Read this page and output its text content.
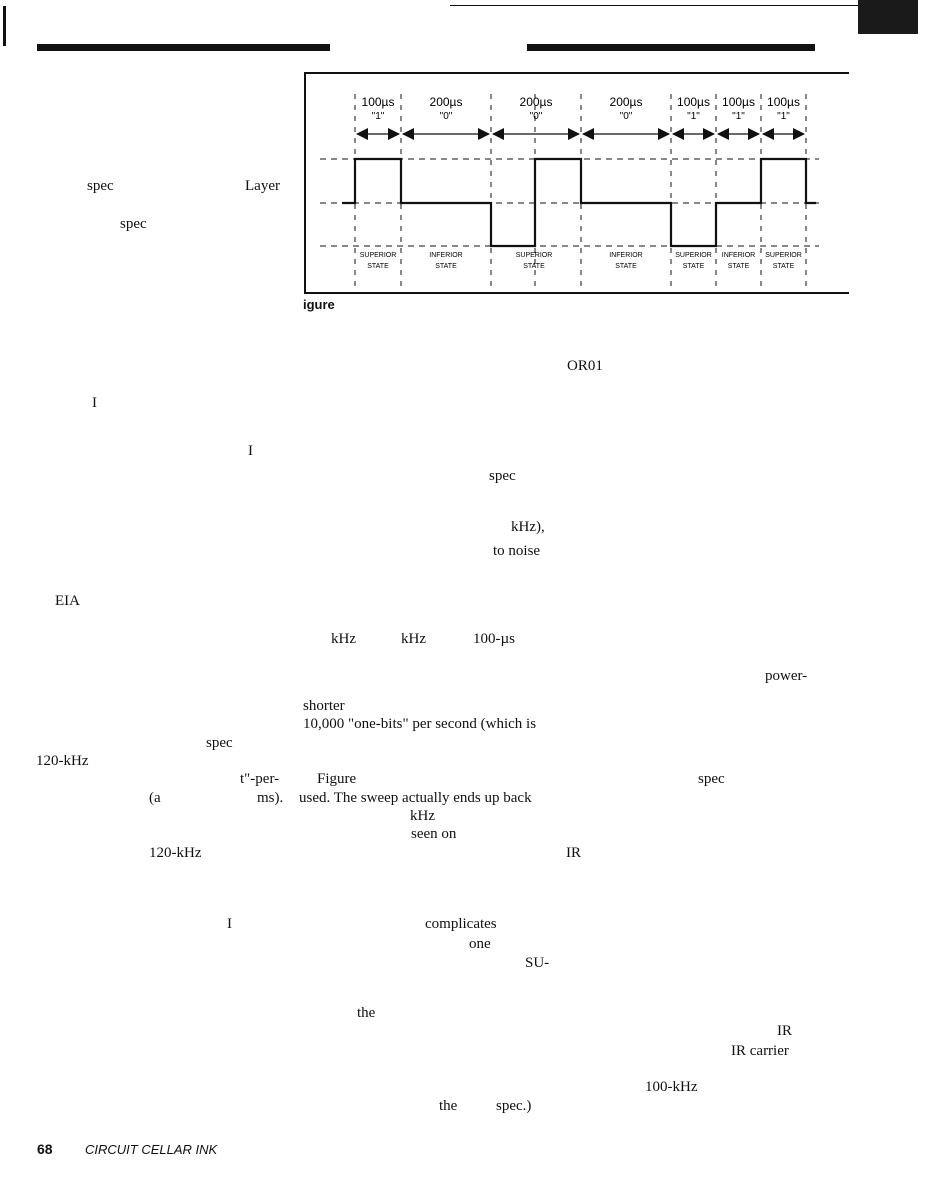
100µs
"1"
200µs
"0"
200µs
"0"
200µs
"0"
100µs
"1"
100µs
"1"
100µs
"1"
SUPERIOR
STATE
INFERIOR
STATE
SUPERIOR
STATE
INFERIOR
STATE
SUPERIOR
STATE
INFERIOR
STATE
SUPERIOR
STATE
igure
spec	Layer
spec
OR01
I
I
spec
kHz),
to noise
EIA
kHz	kHz	100-µs
power-
shorter
10,000 "one-bits" per second (which is
spec
120-kHz
t"-per-	Figure	spec
(a	ms). used. The sweep actually ends up back
kHz
seen on
120-kHz	IR
I	complicates
one
SU-
the
IR
IR carrier
100-kHz
the	spec.)
68 CIRCUIT CELLAR INK
